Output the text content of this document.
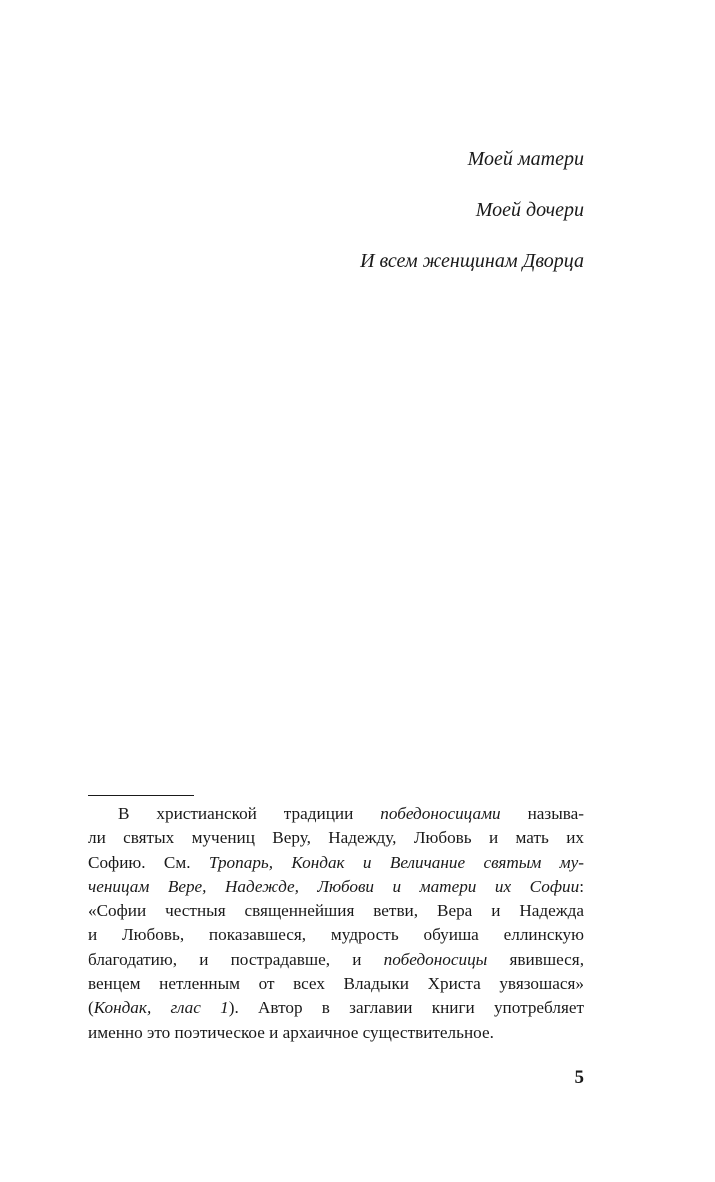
Моей матери
Моей дочери
И всем женщинам Дворца
В христианской традиции победоносицами называ-
ли святых мучениц Веру, Надежду, Любовь и мать их
Софию. См. Тропарь, Кондак и Величание святым му-
ченицам Вере, Надежде, Любови и матери их Софии:
«Софии честныя священнейшия ветви, Вера и Надежда
и Любовь, показавшеся, мудрость обуиша еллинскую
благодатию, и пострадавше, и победоносицы явившеся,
венцем нетленным от всех Владыки Христа увязошася»
(Кондак, глас 1). Автор в заглавии книги употребляет
именно это поэтическое и архаичное существительное.
5
